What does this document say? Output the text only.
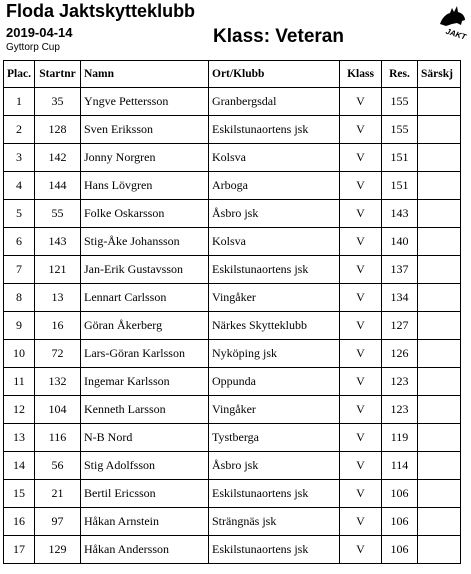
Floda Jaktskytteklubb
2019-04-14
Gyttorp Cup
Klass: Veteran	JAKT
Plac.	Startnr	Namn	Ort/Klubb	Klass	Res.	Särskj
1	35	Yngve Pettersson	Granbergsdal	V	155	
2	128	Sven Eriksson	Eskilstunaortens jsk	V	155	
3	142	Jonny Norgren	Kolsva	V	151	
4	144	Hans Lövgren	Arboga	V	151	
5	55	Folke Oskarsson	Åsbro jsk	V	143	
6	143	Stig-Åke Johansson	Kolsva	V	140	
7	121	Jan-Erik Gustavsson	Eskilstunaortens jsk	V	137	
8	13	Lennart Carlsson	Vingåker	V	134	
9	16	Göran Åkerberg	Närkes Skytteklubb	V	127	
10	72	Lars-Göran Karlsson	Nyköping jsk	V	126	
11	132	Ingemar Karlsson	Oppunda	V	123	
12	104	Kenneth Larsson	Vingåker	V	123	
13	116	N-B Nord	Tystberga	V	119	
14	56	Stig Adolfsson	Åsbro jsk	V	114	
15	21	Bertil Ericsson	Eskilstunaortens jsk	V	106	
16	97	Håkan Arnstein	Strängnäs jsk	V	106	
17	129	Håkan Andersson	Eskilstunaortens jsk	V	106	
